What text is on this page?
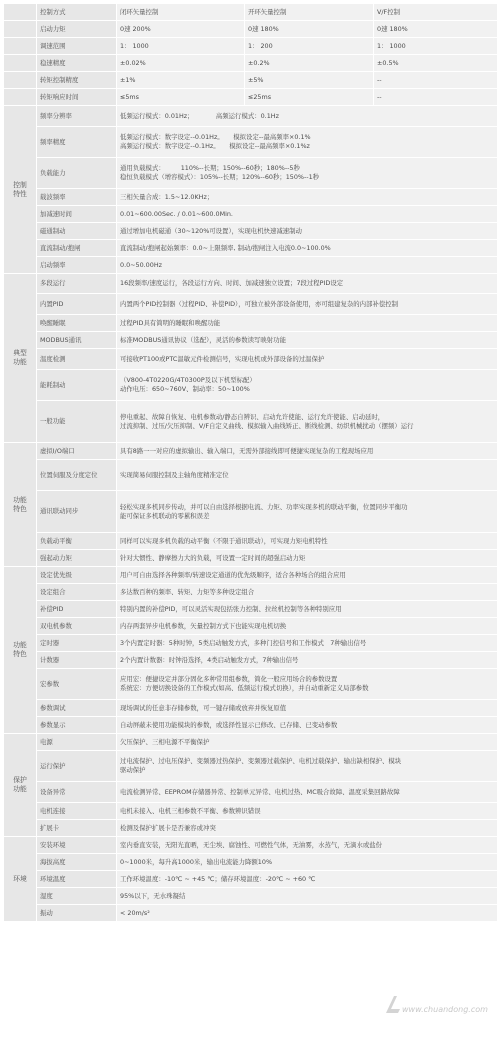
	控制方式	闭环矢量控制	开环矢量控制	V/F控制
	启动力矩	0速 200%	0速 180%	0速 180%
	调速范围	1： 1000	1： 200	1： 1000
	稳速精度	±0.02%	±0.2%	±0.5%
	转矩控制精度	±1%	±5%	--
	转矩响应时间	≤5ms	≤25ms	--
控制
特性	频率分辨率	低频运行模式：0.01Hz；　　　　高频运行模式：0.1Hz		

	频率精度	低频运行模式：数字设定--0.01Hz。　　模拟设定--最高频率×0.1%
高频运行模式：数字设定--0.1Hz。　　模拟设定--最高频率×0.1%z		

	负载能力	通用负载模式：　　　110%--长期；150%--60秒；180%--5秒
稳恒负载模式（增容模式）：105%--长期；120%--60秒；150%--1秒		

	载波频率	三相矢量合成：1.5~12.0KHz；		

	加减速时间	0.01~600.00Sec. / 0.01~600.0Min.		

	磁通制动	通过增加电机磁通（30~120%可设置），实现电机快速减速制动		

	直流制动/抱闸	直流制动/抱闸起始频率：0.0~上限频率, 制动/抱闸注入电流0.0~100.0%		

	启动频率	0.0~50.00Hz		

典型
功能	多段运行	16段频率/速度运行，各段运行方向、时间、加减速独立设置；7段过程PID设定		

	内置PID	内置两个PID控制器（过程PID、补偿PID），可独立被外部设备使用，亦可组建复杂的内部补偿控制		

	唤醒睡眠	过程PID具有简明的睡眠和唤醒功能		

	MODBUS通讯	标准MODBUS通讯协议（选配），灵活的参数读写映射功能		

	温度检测	可接收PT100或PTC温敏元件检测信号，实现电机或外部设备的过温保护		

	能耗制动	（V800-4T0220G/4T0300P及以下机型标配）
动作电压：650~760V、制动率：50~100%		

	一般功能	停电重起、故障自恢复、电机参数动/静态自辨识、启动允许使能、运行允许使能、启动延时，
过流抑制、过压/欠压抑制、V/F自定义曲线、模拟输入曲线矫正、断线检测、纺织机械扰动（摆频）运行		

功能
特色	虚拟I/O端口	具有8路一一对应的虚拟输出、输入端口，无需外部接线即可便捷实现复杂的工程现场应用		

	位置伺服及分度定位	实现简易伺服控制及主轴角度精准定位		

	通讯联动同步	轻松实现多机同步传动，并可以自由选择根据电流、力矩、功率实现多机的联动平衡，位置同步平衡功
能可保证多机联动的零累积误差		

	负载动平衡	同样可以实现多机负载的动平衡（不限于通讯联动），可实现力矩电机特性		

	强起动力矩	针对大惯性、静摩擦力大的负载，可设置一定时间的超强启动力矩		

功能
特色	设定优先级	用户可自由选择各种频率/转速设定通道的优先级顺序，适合各种场合的组合应用		

	设定组合	多达数百种的频率、转矩、力矩等多种设定组合		

	补偿PID	特别内置的补偿PID，可以灵活实现包括张力控制、拉丝机控制等各种特别应用		

	双电机参数	内存两套异步电机参数，矢量控制方式下也能实现电机切换		

	定时器	3个内置定时器：5种时钟，5类启动触发方式，多种门控信号和工作模式　7种输出信号		

	计数器	2个内置计数器：时钟沿选择，4类启动触发方式，7种输出信号		

	宏参数	应用宏：便捷设定并部分固化多种常用组参数，简化一般应用场合的参数设置
系统宏：方便切换设备的工作模式(如高、低频运行模式切换），并自动重新定义局部参数		

	参数调试	现场调试的任意非存储参数，可一键存储或放弃并恢复原值		

	参数显示	自动屏蔽未使用功能模块的参数，或选择性显示已修改、已存储、已变动参数		

保护
功能	电源	欠压保护、三相电源不平衡保护		

	运行保护	过电流保护、过电压保护、变频器过热保护、变频器过载保护、电机过载保护、输出缺相保护、模块
驱动保护		

	设备异常	电流检测异常、EEPROM存储器异常、控制单元异常、电机过热、MC吸合故障、温度采集回路故障		

	电机连接	电机未接入、电机三相参数不平衡、参数辨识错误		

	扩展卡	检测及保护扩展卡是否兼容或冲突		

环境	安装环境	室内垂直安装，无阳光直晒，无尘埃、腐蚀性、可燃性气体，无油雾，水蒸气，无滴水或盐份		

	海拔高度	0~1000米，每升高1000米，输出电流能力降额10%		

	环境温度	工作环境温度：-10℃ ~ +45 ℃；储存环境温度：-20℃ ~ +60 ℃		

	湿度	95%以下，无水珠凝结		

	振动	< 20m/s²		
www.chuandong.com
